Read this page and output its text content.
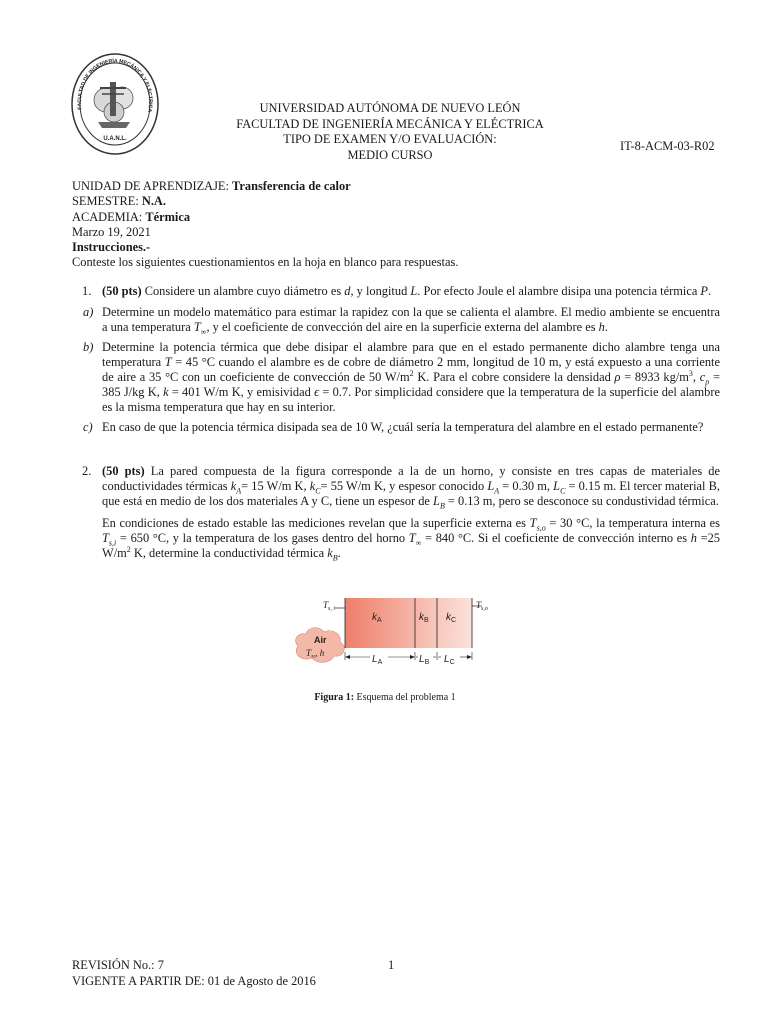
FACULTAD DE INGENIERÍA MECÁNICA Y ELÉCTRICA
U.A.N.L.
UNIVERSIDAD AUTÓNOMA DE NUEVO LEÓN
FACULTAD DE INGENIERÍA MECÁNICA Y ELÉCTRICA
TIPO DE EXAMEN Y/O EVALUACIÓN:
MEDIO CURSO
IT-8-ACM-03-R02
UNIDAD DE APRENDIZAJE: Transferencia de calor
SEMESTRE: N.A.
ACADEMIA: Térmica
Marzo 19, 2021
Instrucciones.-
Conteste los siguientes cuestionamientos en la hoja en blanco para respuestas.
1. (50 pts) Considere un alambre cuyo diámetro es d, y longitud L. Por efecto Joule el alambre disipa una potencia térmica P.
a) Determine un modelo matemático para estimar la rapidez con la que se calienta el alambre. El medio ambiente se encuentra a una temperatura $T_\infty$, y el coeficiente de convección del aire en la superficie externa del alambre es h.
b) Determine la potencia térmica que debe disipar el alambre para que en el estado permanente dicho alambre tenga una temperatura T = 45 °C cuando el alambre es de cobre de diámetro 2 mm, longitud de 10 m, y está expuesto a una corriente de aire a 35 °C con un coeficiente de convección de 50 $W/m^2$ K. Para el cobre considere la densidad ρ = 8933 $kg/m^3$, $c_p = 385$ J/kg K, k = 401 W/m K, y emisividad ϵ = 0.7. Por simplicidad considere que la temperatura de la superficie del alambre es la misma temperatura que hay en su interior.
c) En caso de que la potencia térmica disipada sea de 10 W, ¿cuál sería la temperatura del alambre en el estado permanente?
2. (50 pts) La pared compuesta de la figura corresponde a la de un horno, y consiste en tres capas de materiales de conductividades térmicas $k_A= 15$ W/m K, $k_C= 55$ W/m K, y espesor conocido $L_A = 0.30$ m, $L_C = 0.15$ m. El tercer material B, que está en medio de los dos materiales A y C, tiene un espesor de $L_B = 0.13$ m, pero se desconoce su condustividad térmica.
En condiciones de estado estable las mediciones revelan que la superficie externa es $T_{s,o} = 30$ °C, la temperatura interna es $T_{s,i} = 650$ °C, y la temperatura de los gases dentro del horno $T_\infty = 840$ °C. Si el coeficiente de convección interno es h =25 $W/m^2$ K, determine la conductividad térmica $k_B$.
$T_{s, i}$	$T_{s,o}$
$k_A$	$k_B$ $k_C$
Air
$T_\infty$, h
$L_A$	$L_B$ $L_C$
Figura 1: Esquema del problema 1
REVISIÓN No.: 7
VIGENTE A PARTIR DE: 01 de Agosto de 2016
1
